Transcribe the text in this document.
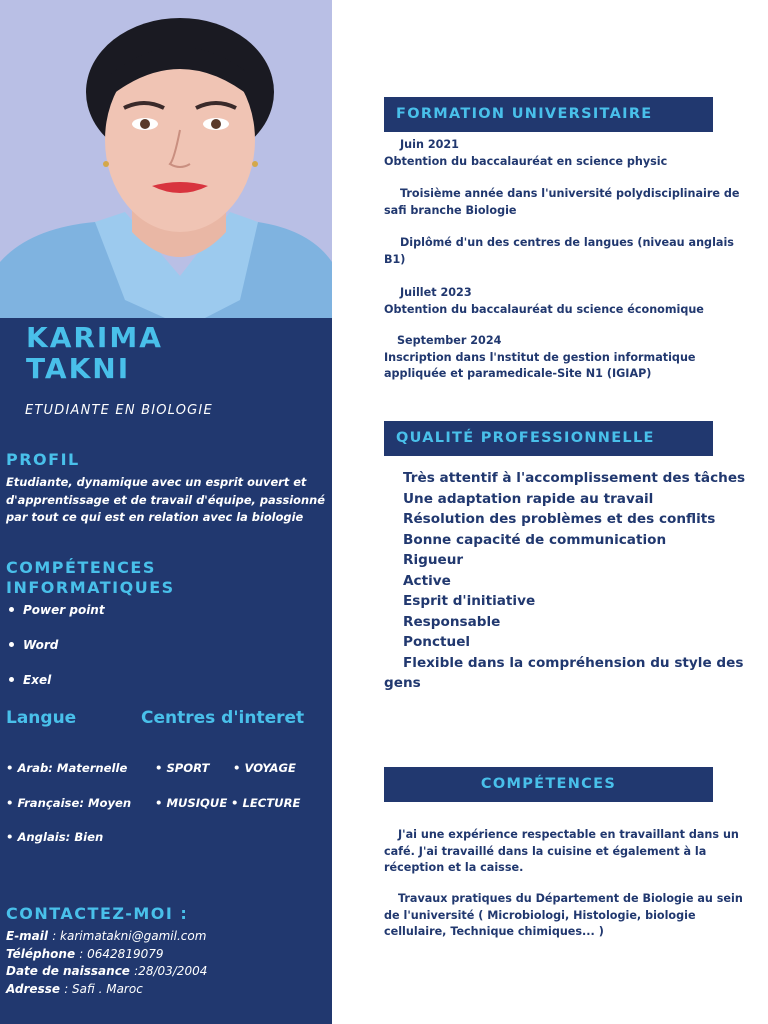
KARIMA
TAKNI
ETUDIANTE EN BIOLOGIE
PROFIL
Etudiante, dynamique avec un esprit ouvert et d'apprentissage et de travail d'équipe, passionné par tout ce qui est en relation avec la biologie
COMPÉTENCES INFORMATIQUES
Power point
Word
Exel
Langue	Centres d'interet
• Arab: Maternelle
• Française: Moyen
• Anglais: Bien
• SPORT • VOYAGE
• MUSIQUE • LECTURE
CONTACTEZ-MOI :
E-mail : karimatakni@gamil.com
Téléphone : 0642819079
Date de naissance :28/03/2004
Adresse : Safi . Maroc
FORMATION UNIVERSITAIRE
Juin 2021
Obtention du baccalauréat en science physic
Troisième année dans l'université polydisciplinaire de safi branche Biologie
Diplômé d'un des centres de langues (niveau anglais B1)
Juillet 2023
Obtention du baccalauréat du science économique
September 2024
Inscription dans l'nstitut de gestion informatique appliquée et paramedicale-Site N1 (IGIAP)
QUALITÉ PROFESSIONNELLE
Très attentif à l'accomplissement des tâches
Une adaptation rapide au travail
Résolution des problèmes et des conflits
Bonne capacité de communication
Rigueur
Active
Esprit d'initiative
Responsable
Ponctuel
Flexible dans la compréhension du style des gens
COMPÉTENCES
J'ai une expérience respectable en travaillant dans un café. J'ai travaillé dans la cuisine et également à la réception et la caisse.
Travaux pratiques du Département de Biologie au sein de l'université ( Microbiologi, Histologie, biologie cellulaire, Technique chimiques... )
